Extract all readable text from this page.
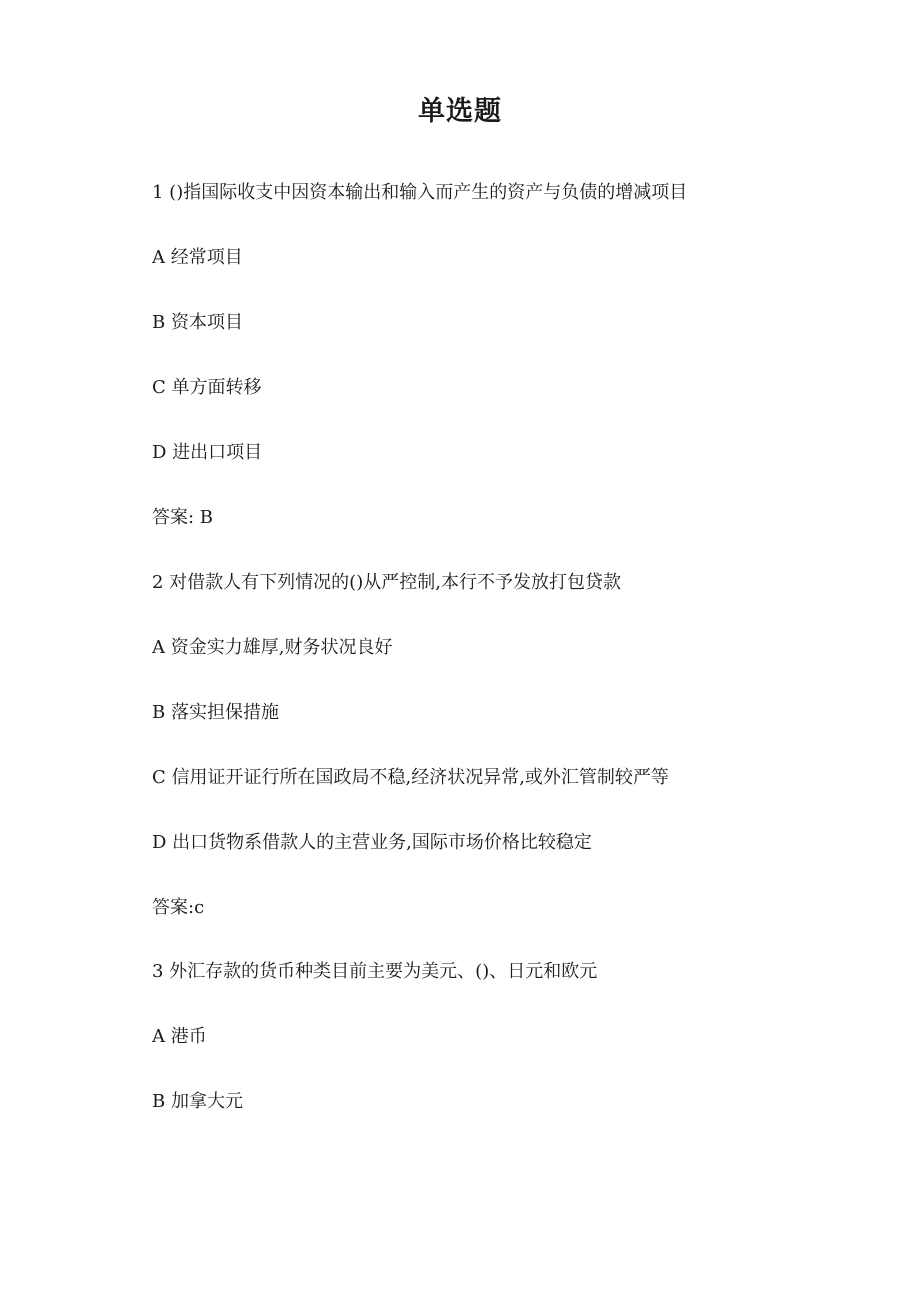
单选题
1 ()指国际收支中因资本输出和输入而产生的资产与负债的增减项目
A 经常项目
B 资本项目
C 单方面转移
D 进出口项目
答案: B
2 对借款人有下列情况的()从严控制,本行不予发放打包贷款
A 资金实力雄厚,财务状况良好
B 落实担保措施
C 信用证开证行所在国政局不稳,经济状况异常,或外汇管制较严等
D 出口货物系借款人的主营业务,国际市场价格比较稳定
答案:c
3 外汇存款的货币种类目前主要为美元、()、日元和欧元
A 港币
B 加拿大元
